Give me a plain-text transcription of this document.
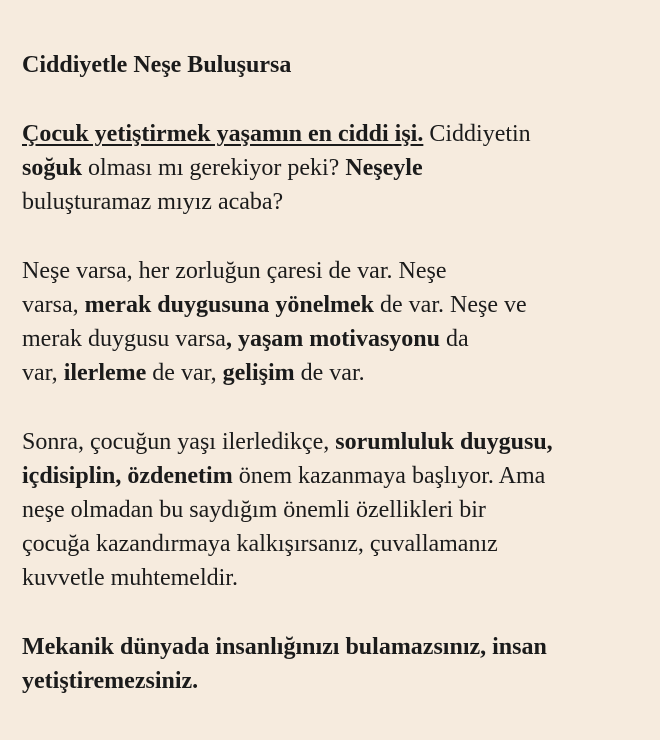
Ciddiyetle Neşe Buluşursa

Çocuk yetiştirmek yaşamın en ciddi işi. Ciddiyetin
soğuk olması mı gerekiyor peki? Neşeyle
buluşturamaz mıyız acaba?

Neşe varsa, her zorluğun çaresi de var. Neşe
varsa, merak duygusuna yönelmek de var. Neşe ve
merak duygusu varsa, yaşam motivasyonu da
var, ilerleme de var, gelişim de var.

Sonra, çocuğun yaşı ilerledikçe, sorumluluk duygusu,
içdisiplin, özdenetim önem kazanmaya başlıyor. Ama
neşe olmadan bu saydığım önemli özellikleri bir
çocuğa kazandırmaya kalkışırsanız, çuvallamanız
kuvvetle muhtemeldir.

Mekanik dünyada insanlığınızı bulamazsınız, insan
yetiştiremezsiniz.
